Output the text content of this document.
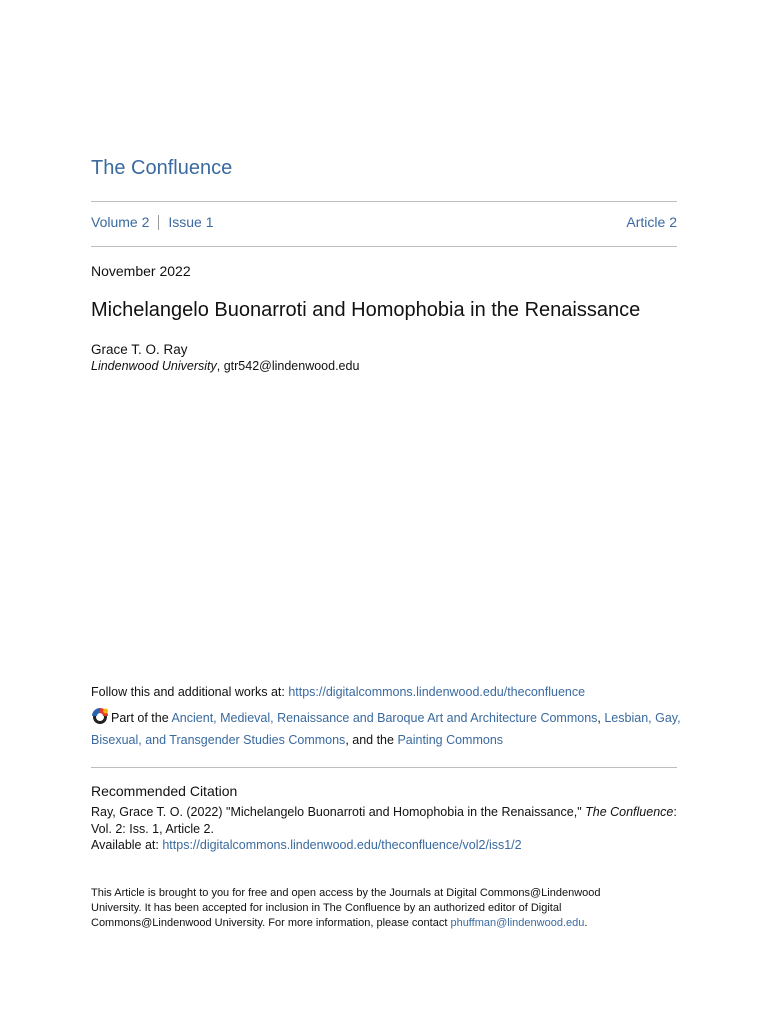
The Confluence
Volume 2 Issue 1	Article 2
November 2022
Michelangelo Buonarroti and Homophobia in the Renaissance
Grace T. O. Ray
Lindenwood University, gtr542@lindenwood.edu
Follow this and additional works at: https://digitalcommons.lindenwood.edu/theconfluence
Part of the Ancient, Medieval, Renaissance and Baroque Art and Architecture Commons, Lesbian, Gay, Bisexual, and Transgender Studies Commons, and the Painting Commons
Recommended Citation
Ray, Grace T. O. (2022) "Michelangelo Buonarroti and Homophobia in the Renaissance," The Confluence: Vol. 2: Iss. 1, Article 2.
Available at: https://digitalcommons.lindenwood.edu/theconfluence/vol2/iss1/2
This Article is brought to you for free and open access by the Journals at Digital Commons@Lindenwood University. It has been accepted for inclusion in The Confluence by an authorized editor of Digital Commons@Lindenwood University. For more information, please contact phuffman@lindenwood.edu.
